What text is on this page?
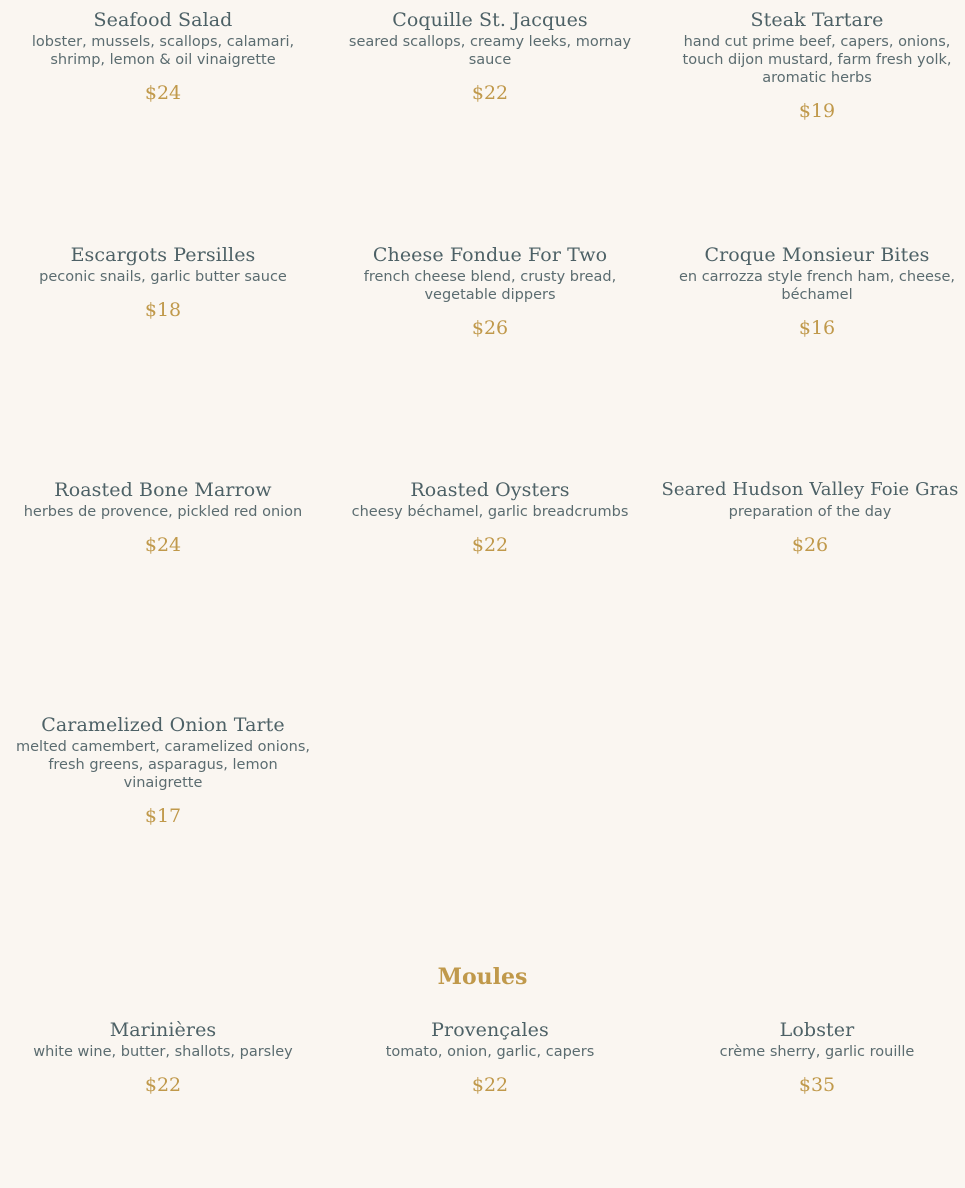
Seafood Salad

lobster, mussels, scallops, calamari, shrimp, lemon & oil vinaigrette

$24
Coquille St. Jacques

seared scallops, creamy leeks, mornay sauce

$22
Steak Tartare

hand cut prime beef, capers, onions, touch dijon mustard, farm fresh yolk, aromatic herbs

$19
Escargots Persilles

peconic snails, garlic butter sauce

$18
Cheese Fondue For Two

french cheese blend, crusty bread, vegetable dippers

$26
Croque Monsieur Bites

en carrozza style french ham, cheese, béchamel

$16
Roasted Bone Marrow

herbes de provence, pickled red onion

$24
Roasted Oysters

cheesy béchamel, garlic breadcrumbs

$22
Seared Hudson Valley Foie Gras

preparation of the day

$26
Caramelized Onion Tarte

melted camembert, caramelized onions, fresh greens, asparagus, lemon vinaigrette

$17
Moules
Marinières

white wine, butter, shallots, parsley

$22
Provençales

tomato, onion, garlic, capers

$22
Lobster

crème sherry, garlic rouille

$35
